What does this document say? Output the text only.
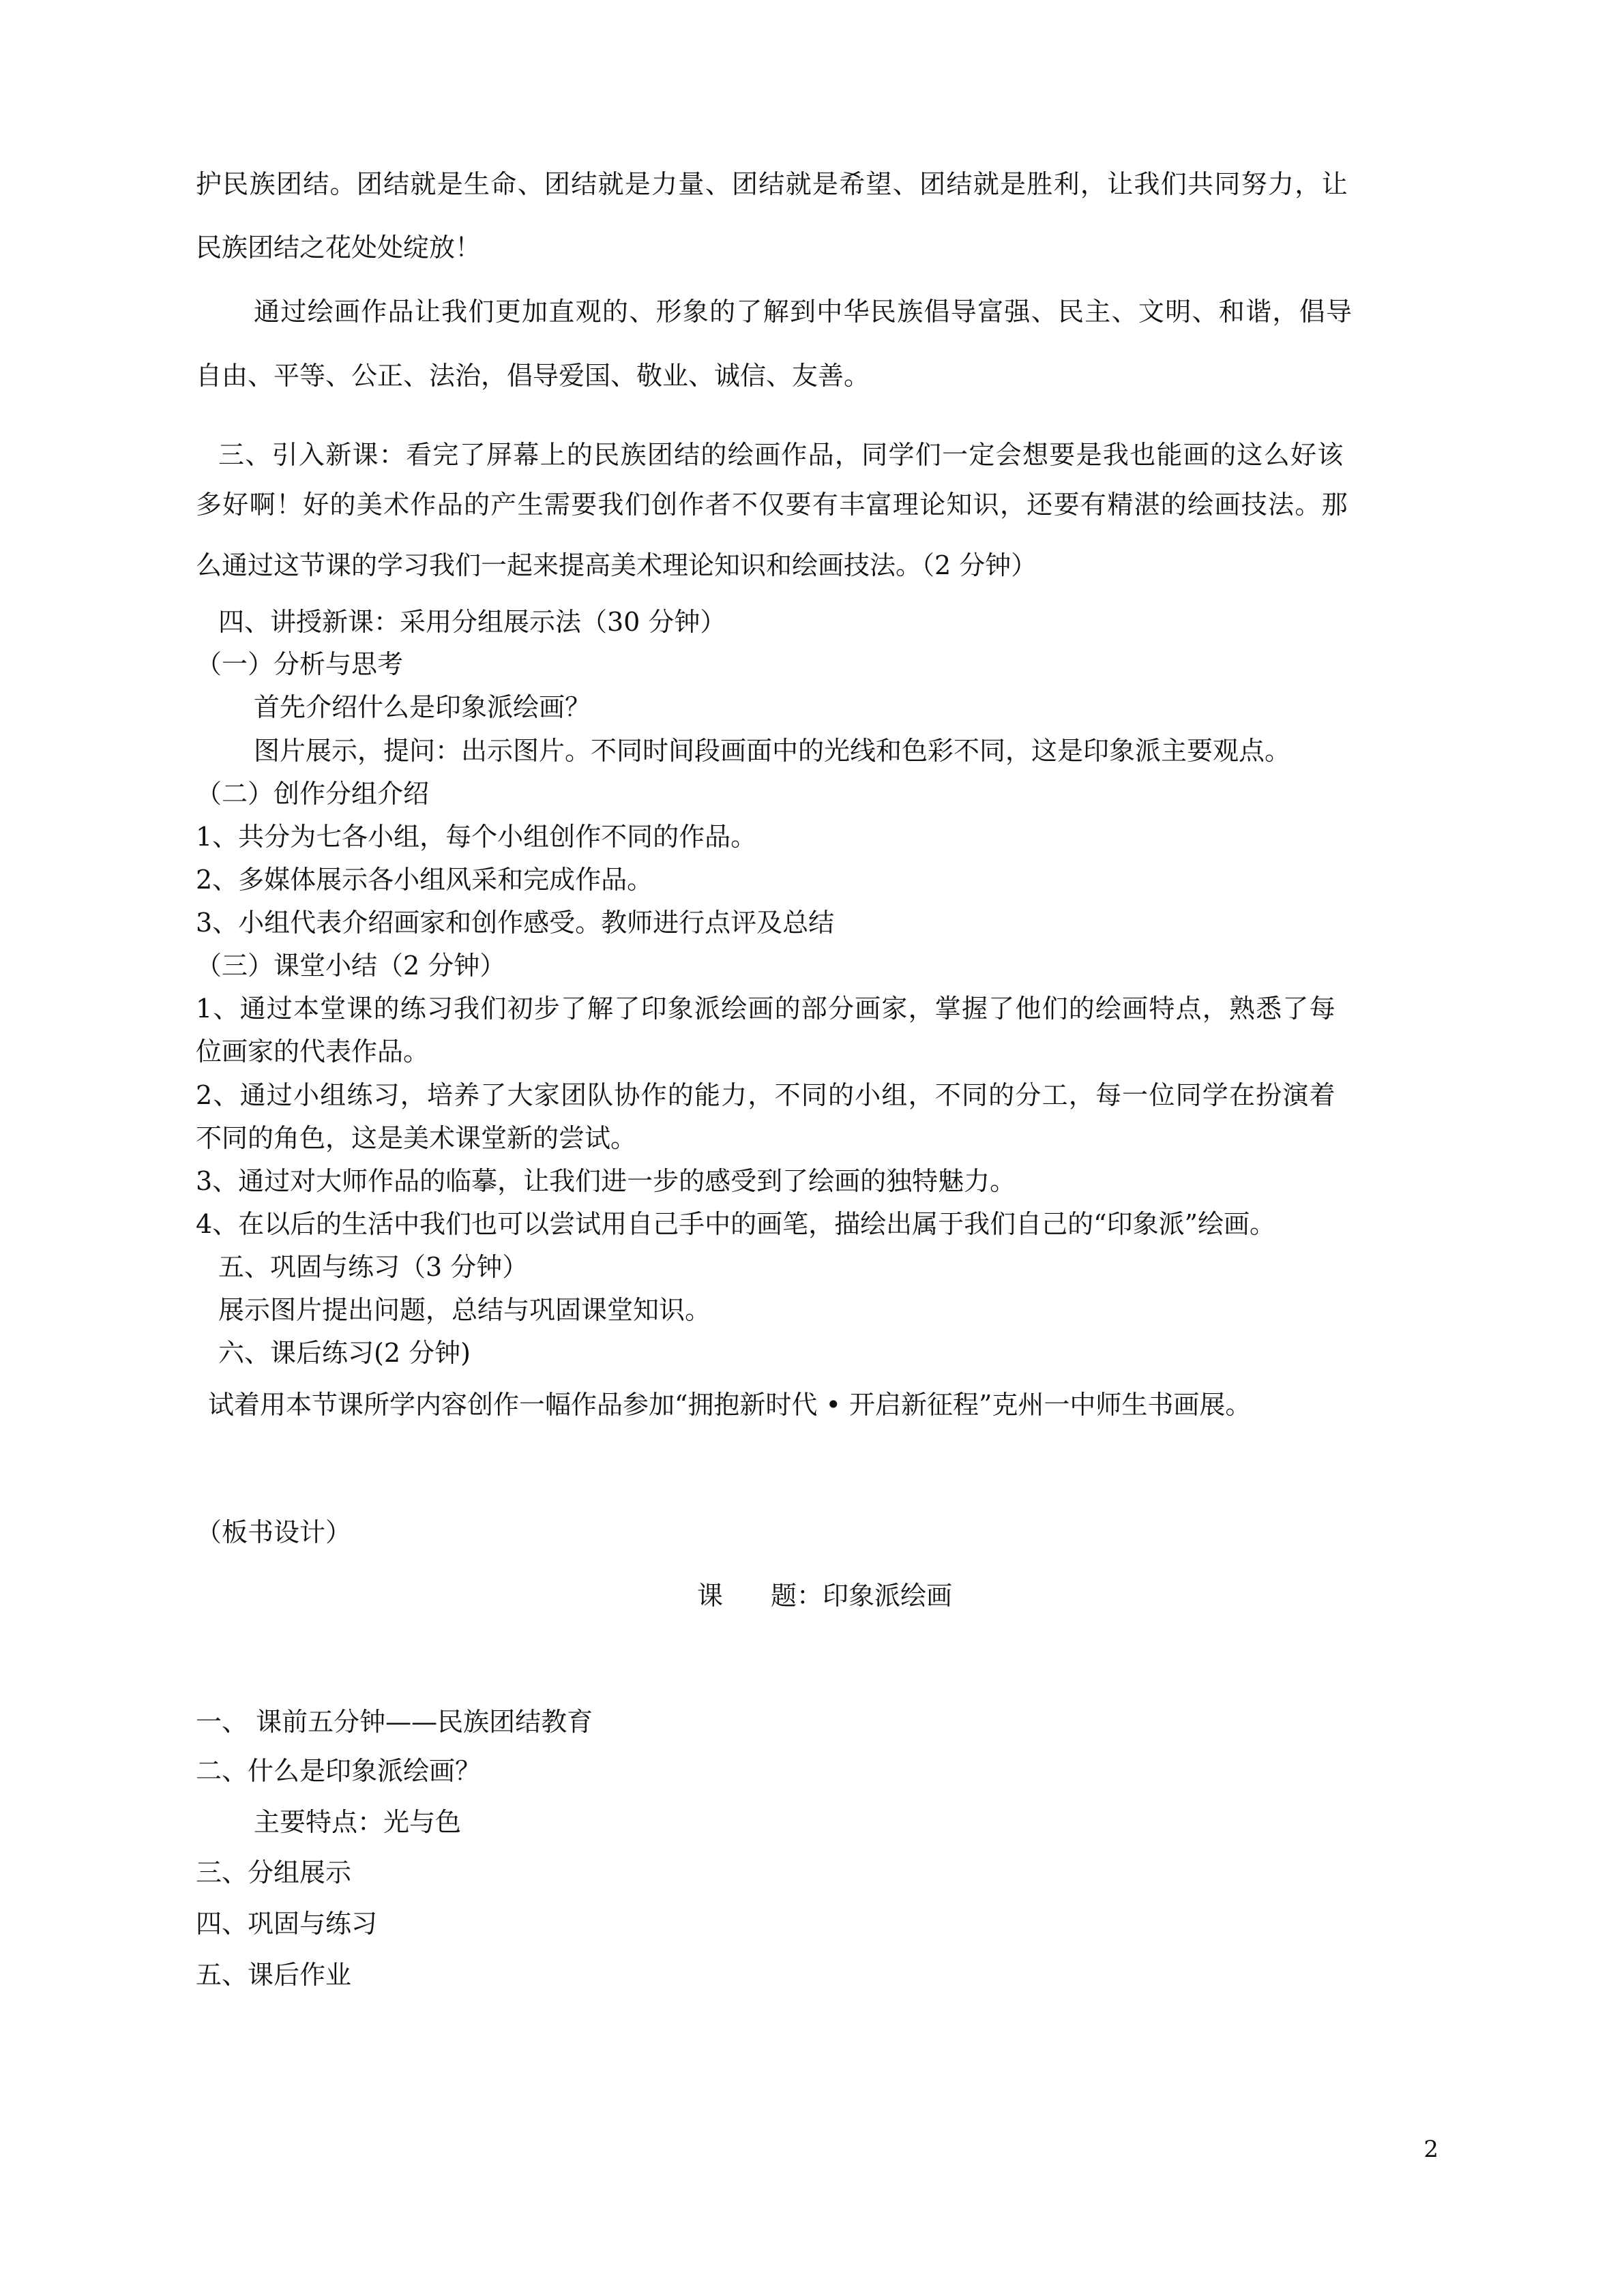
护民族团结。团结就是生命、团结就是力量、团结就是希望、团结就是胜利，让我们共同努力，让
民族团结之花处处绽放！
通过绘画作品让我们更加直观的、形象的了解到中华民族倡导富强、民主、文明、和谐，倡导
自由、平等、公正、法治，倡导爱国、敬业、诚信、友善。
三、引入新课：看完了屏幕上的民族团结的绘画作品，同学们一定会想要是我也能画的这么好该
多好啊！好的美术作品的产生需要我们创作者不仅要有丰富理论知识，还要有精湛的绘画技法。那
么通过这节课的学习我们一起来提高美术理论知识和绘画技法。（2 分钟）
四、讲授新课：采用分组展示法（30 分钟）
（一）分析与思考
首先介绍什么是印象派绘画？
图片展示，提问：出示图片。不同时间段画面中的光线和色彩不同，这是印象派主要观点。
（二）创作分组介绍
1、共分为七各小组，每个小组创作不同的作品。
2、多媒体展示各小组风采和完成作品。
3、小组代表介绍画家和创作感受。教师进行点评及总结
（三）课堂小结（2 分钟）
1、通过本堂课的练习我们初步了解了印象派绘画的部分画家，掌握了他们的绘画特点，熟悉了每
位画家的代表作品。
2、通过小组练习，培养了大家团队协作的能力，不同的小组，不同的分工，每一位同学在扮演着
不同的角色，这是美术课堂新的尝试。
3、通过对大师作品的临摹，让我们进一步的感受到了绘画的独特魅力。
4、在以后的生活中我们也可以尝试用自己手中的画笔，描绘出属于我们自己的“印象派”绘画。
五、巩固与练习（3 分钟）
展示图片提出问题，总结与巩固课堂知识。
六、课后练习(2 分钟)
试着用本节课所学内容创作一幅作品参加“拥抱新时代 • 开启新征程”克州一中师生书画展。
（板书设计）
课 题：印象派绘画
一、 课前五分钟——民族团结教育
二、什么是印象派绘画？
主要特点：光与色
三、分组展示
四、巩固与练习
五、课后作业
2
